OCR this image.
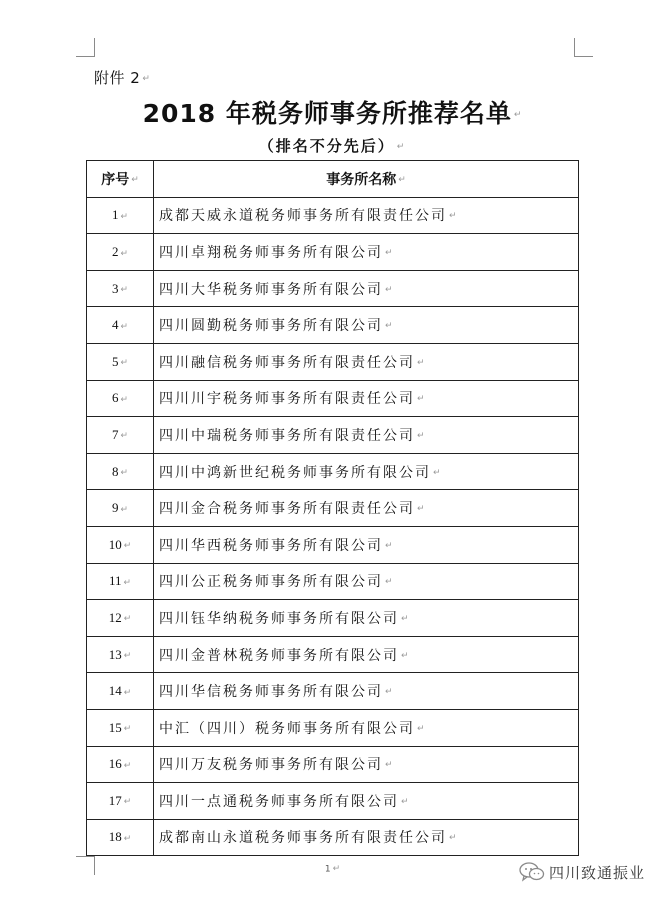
附件 2 ↵
2018 年税务师事务所推荐名单 ↵
（排名不分先后） ↵
序号 ↵	事务所名称 ↵
1 ↵	成都天威永道税务师事务所有限责任公司 ↵
2 ↵	四川卓翔税务师事务所有限公司 ↵
3 ↵	四川大华税务师事务所有限公司 ↵
4 ↵	四川圆勤税务师事务所有限公司 ↵
5 ↵	四川融信税务师事务所有限责任公司 ↵
6 ↵	四川川宇税务师事务所有限责任公司 ↵
7 ↵	四川中瑞税务师事务所有限责任公司 ↵
8 ↵	四川中鸿新世纪税务师事务所有限公司 ↵
9 ↵	四川金合税务师事务所有限责任公司 ↵
10 ↵	四川华西税务师事务所有限公司 ↵
11 ↵	四川公正税务师事务所有限公司 ↵
12 ↵	四川钰华纳税务师事务所有限公司 ↵
13 ↵	四川金普林税务师事务所有限公司 ↵
14 ↵	四川华信税务师事务所有限公司 ↵
15 ↵	中汇（四川）税务师事务所有限公司 ↵
16 ↵	四川万友税务师事务所有限公司 ↵
17 ↵	四川一点通税务师事务所有限公司 ↵
18 ↵	成都南山永道税务师事务所有限责任公司 ↵
1 ↵	四川致通振业
